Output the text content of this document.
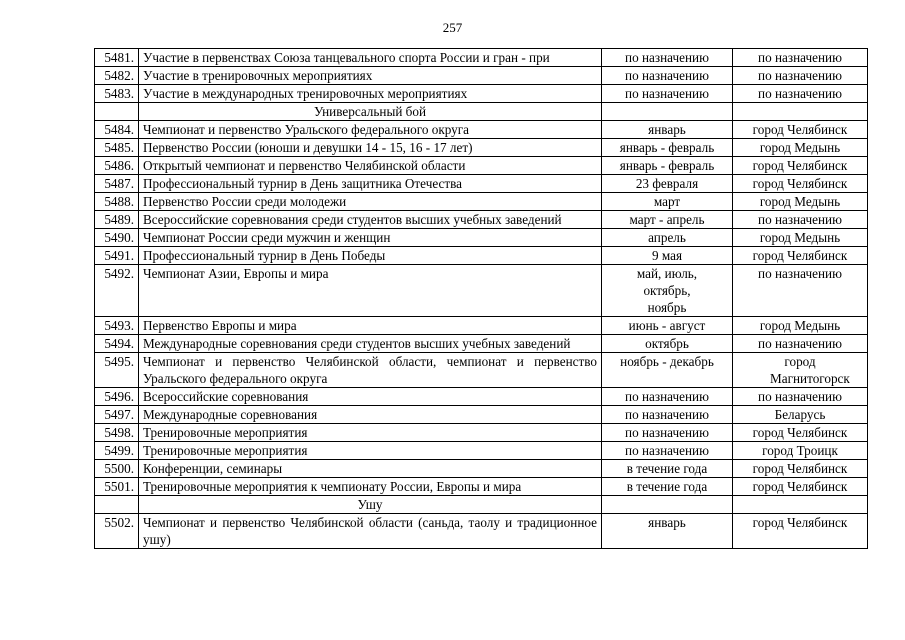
257
5481.	Участие в первенствах Союза танцевального спорта России и гран - при	по назначению	по назначению

5482.	Участие в тренировочных мероприятиях	по назначению	по назначению

5483.	Участие в международных тренировочных мероприятиях	по назначению	по назначению

	Универсальный бой		
5484.	Чемпионат и первенство Уральского федерального округа	январь	город Челябинск

5485.	Первенство России (юноши и девушки 14 - 15, 16 - 17 лет)	январь - февраль	город Медынь

5486.	Открытый чемпионат и первенство Челябинской области	январь - февраль	город Челябинск

5487.	Профессиональный турнир в День защитника Отечества	23 февраля	город Челябинск

5488.	Первенство России среди молодежи	март	город Медынь

5489.	Всероссийские соревнования среди студентов высших учебных заведений	март - апрель	по назначению

5490.	Чемпионат России среди мужчин и женщин	апрель	город Медынь

5491.	Профессиональный турнир в День Победы	9 мая	город Челябинск

5492.	Чемпионат Азии, Европы и мира	май, июль, октябрь, ноябрь	по назначению

5493.	Первенство Европы и мира	июнь - август	город Медынь

5494.	Международные соревнования среди студентов высших учебных заведений	октябрь	по назначению

5495.	Чемпионат и первенство Челябинской области, чемпионат и первенство Уральского федерального округа	ноябрь - декабрь	город Магнитогорск

5496.	Всероссийские соревнования	по назначению	по назначению

5497.	Международные соревнования	по назначению	Беларусь

5498.	Тренировочные мероприятия	по назначению	город Челябинск

5499.	Тренировочные мероприятия	по назначению	город Троицк

5500.	Конференции, семинары	в течение года	город Челябинск

5501.	Тренировочные мероприятия к чемпионату России, Европы и мира	в течение года	город Челябинск

	Ушу		
5502.	Чемпионат и первенство Челябинской области (саньда, таолу и традиционное ушу)	январь	город Челябинск
